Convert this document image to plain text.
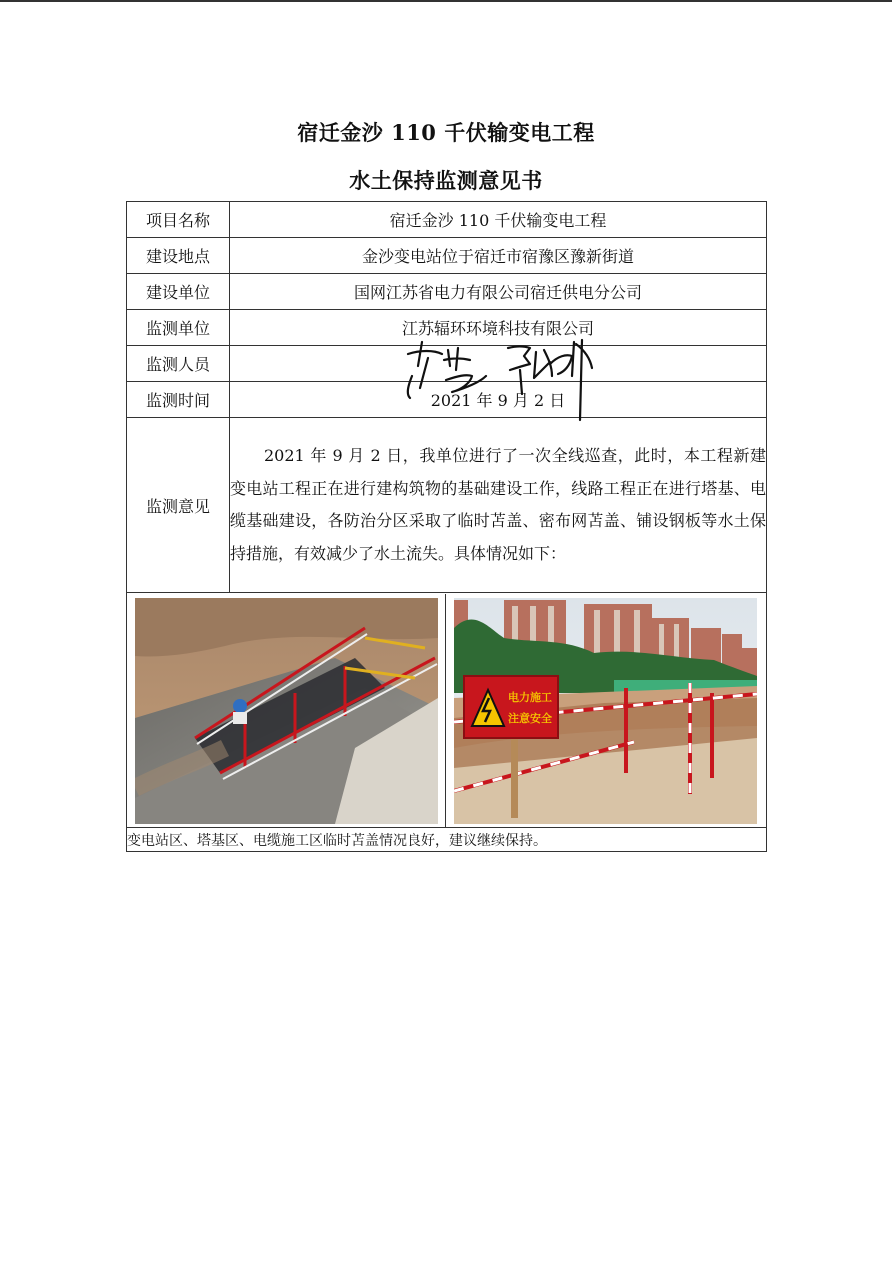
宿迁金沙 110 千伏输变电工程
水土保持监测意见书
项目名称	宿迁金沙 110 千伏输变电工程
建设地点	金沙变电站位于宿迁市宿豫区豫新街道
建设单位	国网江苏省电力有限公司宿迁供电分公司
监测单位	江苏辐环环境科技有限公司
监测人员	
监测时间	2021 年 9 月 2 日
监测意见	2021 年 9 月 2 日，我单位进行了一次全线巡查，此时，本工程新建变电站工程正在进行建构筑物的基础建设工作，线路工程正在进行塔基、电缆基础建设，各防治分区采取了临时苫盖、密布网苫盖、铺设钢板等水土保持措施，有效减少了水土流失。具体情况如下：

电力施工
注意安全	

变电站区、塔基区、电缆施工区临时苫盖情况良好，建议继续保持。	
